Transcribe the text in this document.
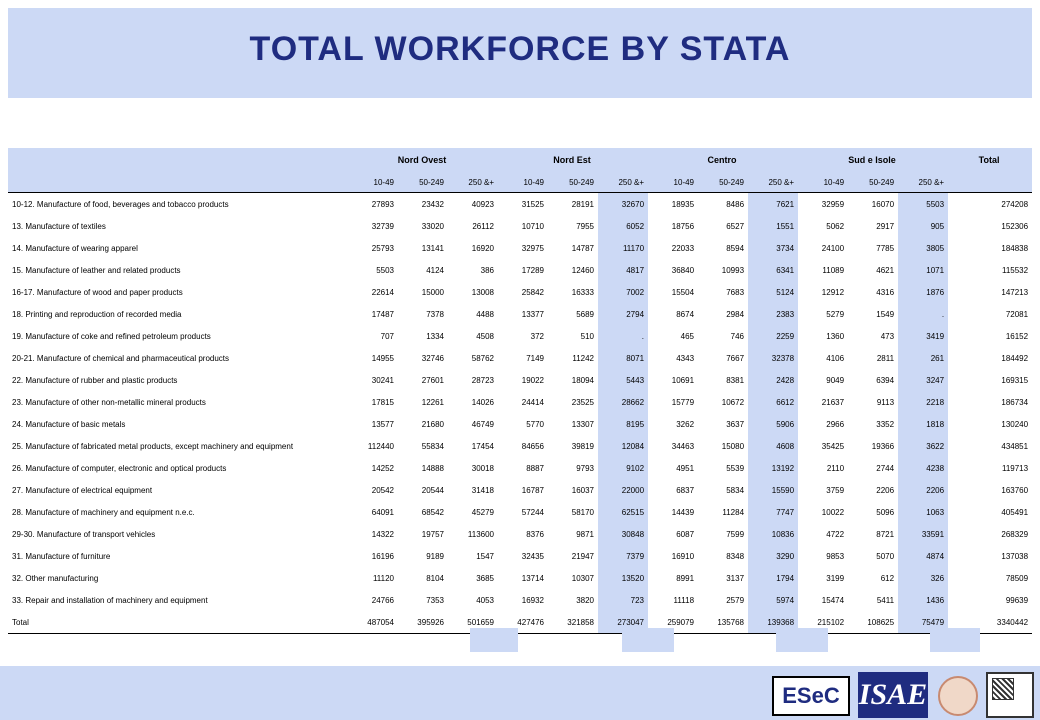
TOTAL WORKFORCE BY STATA
	Nord Ovest			Nord Est			Centro			Sud e Isole			Total
	10-49	50-249	250 &+	10-49	50-249	250 &+	10-49	50-249	250 &+	10-49	50-249	250 &+	

10-12. Manufacture of food, beverages and tobacco products	27893	23432	40923	31525	28191	32670	18935	8486	7621	32959	16070	5503	274208
13. Manufacture of textiles	32739	33020	26112	10710	7955	6052	18756	6527	1551	5062	2917	905	152306
14. Manufacture of wearing apparel	25793	13141	16920	32975	14787	11170	22033	8594	3734	24100	7785	3805	184838
15. Manufacture of leather and related products	5503	4124	386	17289	12460	4817	36840	10993	6341	11089	4621	1071	115532
16-17. Manufacture of wood and paper products	22614	15000	13008	25842	16333	7002	15504	7683	5124	12912	4316	1876	147213
18. Printing and reproduction of recorded media	17487	7378	4488	13377	5689	2794	8674	2984	2383	5279	1549	.	72081
19. Manufacture of coke and refined petroleum products	707	1334	4508	372	510	.	465	746	2259	1360	473	3419	16152
20-21. Manufacture of chemical and pharmaceutical products	14955	32746	58762	7149	11242	8071	4343	7667	32378	4106	2811	261	184492
22. Manufacture of rubber and plastic products	30241	27601	28723	19022	18094	5443	10691	8381	2428	9049	6394	3247	169315
23. Manufacture of other non-metallic mineral products	17815	12261	14026	24414	23525	28662	15779	10672	6612	21637	9113	2218	186734
24. Manufacture of basic metals	13577	21680	46749	5770	13307	8195	3262	3637	5906	2966	3352	1818	130240
25. Manufacture of fabricated metal products, except machinery and equipment	112440	55834	17454	84656	39819	12084	34463	15080	4608	35425	19366	3622	434851
26. Manufacture of computer, electronic and optical products	14252	14888	30018	8887	9793	9102	4951	5539	13192	2110	2744	4238	119713
27. Manufacture of electrical equipment	20542	20544	31418	16787	16037	22000	6837	5834	15590	3759	2206	2206	163760
28. Manufacture of machinery and equipment n.e.c.	64091	68542	45279	57244	58170	62515	14439	11284	7747	10022	5096	1063	405491
29-30. Manufacture of transport vehicles	14322	19757	113600	8376	9871	30848	6087	7599	10836	4722	8721	33591	268329
31. Manufacture of furniture	16196	9189	1547	32435	21947	7379	16910	8348	3290	9853	5070	4874	137038
32. Other manufacturing	11120	8104	3685	13714	10307	13520	8991	3137	1794	3199	612	326	78509
33. Repair and installation of machinery and equipment	24766	7353	4053	16932	3820	723	11118	2579	5974	15474	5411	1436	99639
Total	487054	395926	501659	427476	321858	273047	259079	135768	139368	215102	108625	75479	3340442
ESeC ISAE
